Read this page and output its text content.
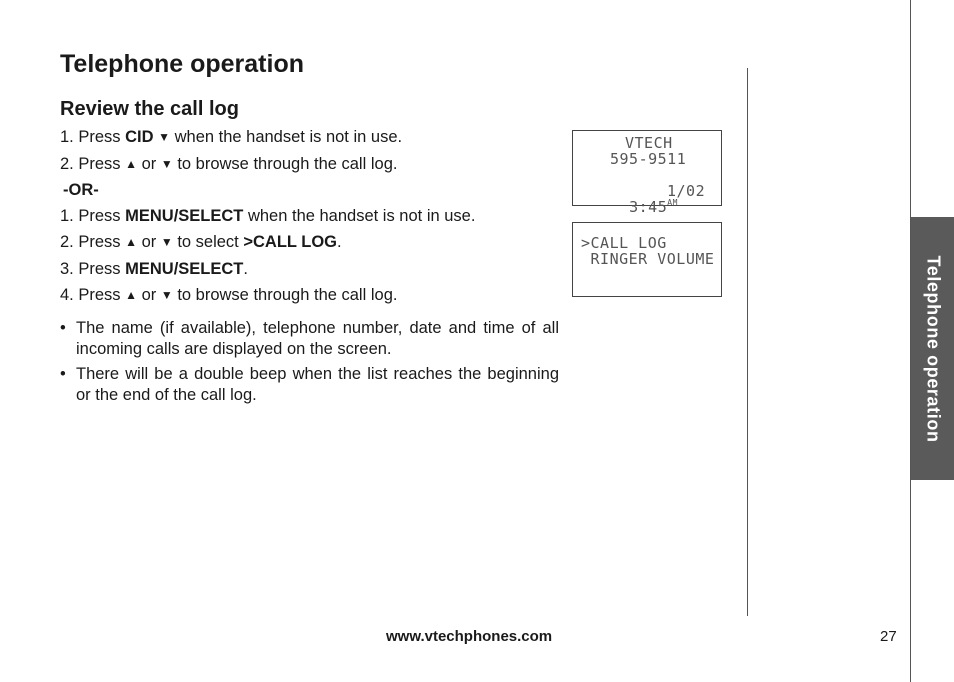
Telephone operation
Review the call log
1. Press CID ▼ when the handset is not in use.
2. Press ▲ or ▼ to browse through the call log.
-OR-
1. Press MENU/SELECT when the handset is not in use.
2. Press ▲ or ▼ to select >CALL LOG.
3. Press MENU/SELECT.
4. Press ▲ or ▼ to browse through the call log.
• The name (if available), telephone number, date and time of all incoming calls are displayed on the screen.
• There will be a double beep when the list reaches the beginning or the end of the call log.
VTECH
595-9511

$3:45^{AM}$

1/02
>CALL LOG
RINGER VOLUME	Telephone operation
www.vtechphones.com	27
